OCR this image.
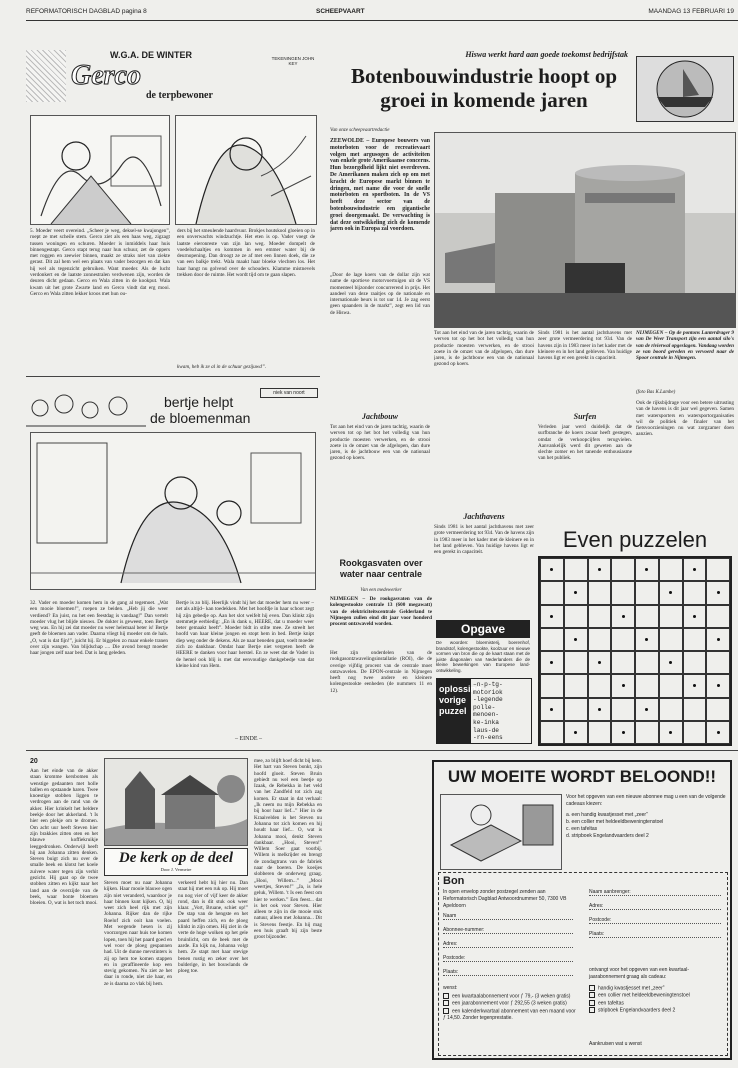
REFORMATORISCH DAGBLAD pagina 8	SCHEEPVAART	MAANDAG 13 FEBRUARI 19
W.G.A. DE WINTER
Gerco
de terpbewoner
TEKENINGEN JOHN KEY
5. Moeder veert overeind. „Scheer je weg, deksel-se kwajongen”, roept ze met scheile stem. Gerco ziet als een haas weg, zigzagt tussen woningen en schuren. Moeder is inmiddels haar huis binnengestapt. Gerco stapt terug naar hun schuur, zet de oppers met roggen en zeewier binnen, maakt ze straks niet van ziekte gerast. Dit zal hem wel een plaats van vader bezorgen en dat kan hij wel als tegenzicht gebruiken. Want moeder. Als de lucht verdonkert en de laatste zonnestralen verdwenen zijn, worden de deuren dicht gedaan. Gerco en Wala zitten in de kookput. Wala kwam uit het grote Zwarte land en Gerco vindt dat erg mooi. Gerco en Wala zitten lekker kroos met hun ou-
ders bij het smeulende haardvuur. Brokjes houtskool gloeien op in een onverwachts windzuchtje. Het eten is op. Vader voegt de laatste eieronreste van zijn lan weg. Moeder dompelt de voedelschaaltjes en kommen in een emmer water bij de deurnopening. Dan droogt ze ze af met een linnen doek, die ze van een balkje trekt. Wala maakt haar bloeke vlechten los. Het haar hangt nu golvend over de schouders. Klamme mistnevels trekken door de ruimte. Het wordt tijd om te gaan slapen.
kwam, heb ik ze al in de schuur gezijuwd”.
bertje helpt
de bloemenman
niek van noort
32. Vader en moeder komen hem in de gang al tegemoet. „Wat een mooie bloemen!”, roepen ze beiden. „Heb jij die weer verdiend? En juist, nu het een feestdag is vandaag!” Dan vertelt moeder vlug het blijde nieuws. De dokter is geweest, toen Bertje weg was. En hij zei dat moeder nu weer helemaal beter is! Bertje geeft de bloemen aan vader. Daarna vliegt hij moeder om de hals. „O, wat is dat fijn!”, juicht hij. Er biggelen zo maar enkele tranen over zijn wangen. Van blijdschap .... Die avond brengt moeder haar jongen zelf naar bed. Dat is lang geleden.
Bertje is zo blij. Heerlijk vindt hij het dat moeder hem nu weer –net als altijd– kan toedekken. Met het hoofdje in haar schoot zegt hij zijn gebedje op. Aan het slot weifelt hij even. Dan klinkt zijn stemmetje eerbiedig: „En ik dank u, HEERE, dat u moeder weer beter gemaakt heeft”. Moeder bidt in stilte mee. Ze streelt het hoofd van haar kleine jongen en stopt hem in bed. Bertje knipt diep weg onder de dekens. Als ze naar beneden gaat, voelt moeder zich zo dankbaar. Omdat haar Bertje niet vergeten heeft de HEERE te danken voor haar herstel. En ze weet dat de Vader in de hemel ook blij is met dat eenvoudige dankgebedje van dat kleine kind van Hem.
– EINDE –
20
Aan het einde van de akker staan kromme kersbomen als wenstige gedaanten met holle ballen en opstaande haren. Twee knoestige stobben liggen te verdrogen aan de rand van de akker. Hier krinkelt het heldere beekje door het akkerland. 't Is hier een plekje om te dromen. Om acht uur heeft Steven hier zijn brakkies zitten oten en het blauwe koffiekruikje leeggedronken. Onderwijl heeft hij aan Johanna zitten denken. Steven buigt zich nu over de smalle beek en klotst het koele zuivere water tegen zijn verhit gezicht. Hij gaat op de twee stobben zitten en kijkt naar het land aan de overzijde van de beek, waar bonte bloemen bloeien. O, wat is het toch mooi.
De kerk op de deel
Door J. Vermeire
Steven moet nu naar Johanna kijken. Haar mooie blauwe ogen zijn niet veranderd, waardoor je haar binnen kunt kijken. O, hij weet zich heel rijk met zijn Johanna. Rijker dan de rijke Roelof zich ooit kan voelen. Met wegende hesen is zij voorzorgen naar huis toe komen lopen, toen hij het paard goed en wel voor de ploeg gespannen had. Uit de dunne mevstinters is zij op hem toe komen stappen en in geraffineerde kop een stevig gekomen. Nu ziet ze het daar in ronde, niet zie haar, en ze is daarna zo vlak bij hem.
verkeerd hebt hij hier nu. Dan staat hij met een ruk op. Hij moet nu nog vier of vijf keer de akker rond, dan is dit stuk ook weer klaar. „Vort, Bruane, schiet op!” De stap van de hengste en het paard heffen zich, en de ploeg klinkt in zijn omen. Hij ziet in de verte de hoge wolken op het gele bruinlicht, om de beek met de aarde. En kijk nu, Johanna volgt hem. Ze stapt met haar stevige benen rustig en zeker over het bulderige, in het bouwlands de ploeg toe.
mee, zo blijft hoef dicht bij hem. Het hart van Steven bonkt, zijn hoofd gloeit. Steven Bruin gebiedt nu wel een beetje op Izaak, de Rebekka in het veld van het Zandfeld tot zich zag komen. Er staat in dat verhaal: „Ik neem nu mijn Rebekka en bij hoor haar lief...” Hier in de Kraaivelden is het Steven nu Johanna tot zich komen en hij houdt haar lief... O, wat is Johanna mooi, denkt Steven dankbaar. „Hooi, Steven!” Willem Soer gaat voorbij. Willem is melkrijder en brengt de zondagtrans van de fabriek naar de boeren. De koeijes slobberen de onderweg graag. „Hooi, Willem...” „Mooi weertjes, Steven!” „Ja, is hele geluk, Willem. 't Is een feest om hier te werken.” Een feest... dat is het ook voor Steven. Hier alleen te zijn in die mooie stuk natuur, alleen met Johanna... Dit is Stevens feestje. En hij mag een huis graaft bij zijn beste groot bijzonder.
Hiswa werkt hard aan goede toekomst bedrijfstak
Botenbouwindustrie hoopt op groei in komende jaren
Van onze scheepvaartredactie
ZEEWOLDE – Europese bouwers van motorboten voor de recreatievaart volgen met argusogen de activiteiten van enkele grote Amerikaanse concerns. Hun bezorgdheid lijkt niet overdreven. De Amerikanen maken zich op om met kracht de Europese markt binnen te dringen, met name die voor de snelle motorboten en sportboten. In de VS heeft deze sector van de botenbouwindustrie een gigantische groei doorgemaakt. De verwachting is dat deze ontwikkeling zich de komende jaren ook in Europa zal voordoen.
„Door de lage koers van de dollar zijn wat name de sportieve motorvoertuigen uit de VS momenteel bijzonder concurrerend in prijs. Het aandeel van deze raaitjes op de nationale en internationale beurs is tot uur 14. Je zag eerst geen spaanders in de markt”, zegt een lid van de Hiswa.
Jachtbouw
Tot aan het eind van de jaren tachtig, waarin de werven tot op het bot het volledig van hun productie moesten verwerken, en de strooi zoete in de omzet van de afgelopen, dan dure jaren, is de jachtbouw een van de nationaal gezond op koers.
Tot aan het eind van de jaren tachtig, waarin de werven tot op het bot het volledig van hun productie moesten verwerken, en de strooi zoete in de omzet van de afgelopen, dan dure jaren, is de jachtbouw een van de nationaal gezond op koers.
Jachthavens
Sinds 1981 is het aantal jachthavens met zeer grote vermeerdering tot 934. Van de havens zijn in 1983 meer in het kader met de kleinere en in het land gebleven. Van huidige havens ligt er een gerekt in capaciteit.
Sinds 1981 is het aantal jachthavens met zeer grote vermeerdering tot 934. Van de havens zijn in 1983 meer in het kader met de kleinere en in het land gebleven. Van huidige havens ligt er een gerekt in capaciteit.
Surfen
Verleden jaar werd duidelijk dat de surfbranche de koers zwaar heeft gestegen, omdat de verkoopcijfers terugvielen. Aanvankelijk werd dit geweten aan de slechte zomer en het tanende enthousiasme van het publiek.
NIJMEGEN – Op de pontons Lanterdrager 9 van De Weer Transport zijn een aantal silo's van de rivierwal opgeslagen. Vandaag worden ze van boord gereden en vervoerd naar de Spoor centrale in Nijmegen.
(foto Bas K.Lambe)
Ook de rijksbijdrage voor een betere uitrusting van de havens is dit jaar wel gegeven. Samen met watersporters en watersportorganisaties wil de politiek de finaler van het fietsvoorzieningen nu wat zorgzamer doen aanzien.
Rookgasvaten over water naar centrale
Van een medewerker
NIJMEGEN – De rookgasvaten van de kolengestookte centrale 13 (600 megawatt) van de elektriciteitscentrale Gelderland te Nijmegen zullen eind dit jaar voor honderd procent ontzwaveld worden.
Het zijn onderdelen van de rookgasontzwavelingsinstallatie (ROI), die de overige vijfdig procent van de centrale moet ontzwavelen. De EPON-centrale in Nijmegen heeft nog twee andere en kleinere kolengestookte eenheden (de nummers 11 en 12).
Opgave
De woorden: bloemisterij, boerenhof, brandstof, kolengestookte, koolzuur en nieuwe vormen van bron die op de kaart staan met de juiste diagonalen van Nederlanders die de kleine bewerkingen van Europese land-ontwikkeling.
oplossing vorige puzzel
–n-p-tg-
motoriok
-legende
polle-
menoen-
ke-inka
laus-de
-rn-eens
Even puzzelen
UW MOEITE WORDT BELOOND!!
Voor het opgeven van een nieuwe abonnee mag u een van de volgende cadeaus kiezen:
a. een handig kwastjesset met „zeer”
b. een collier met heldeeldbeweningtenstoel
c. een tafeltas
d. stripboek Engelandvaarders deel 2
Bon
In open envelop zonder postzegel zenden aan Reformatorisch Dagblad Antwoordnummer 50, 7300 VB Apeldoorn
Naam
Abonnee-nummer:
Adres:
Postcode:
Plaats:
wenst:
een kwartaalabonnement voor ƒ 79,- (3 weken gratis)
een jaarabonnement voor ƒ 292,55 (3 weken gratis)
een kalenderkwartaal abonnement van een maand voor ƒ 14,50. Zonder tegenprestatie.
Naam aanbrenger:
Adres:
Postcode:
Plaats:
ontvangt voor het opgeven van een kwartaal-jaarabonnement graag als cadeau:
handig kwastjesset met „zeer”
een collier met heldeeldbeweningtenstoel
een tafeltas
stripboek Engelandvaarders deel 2
Aankruisen wat u wenst
